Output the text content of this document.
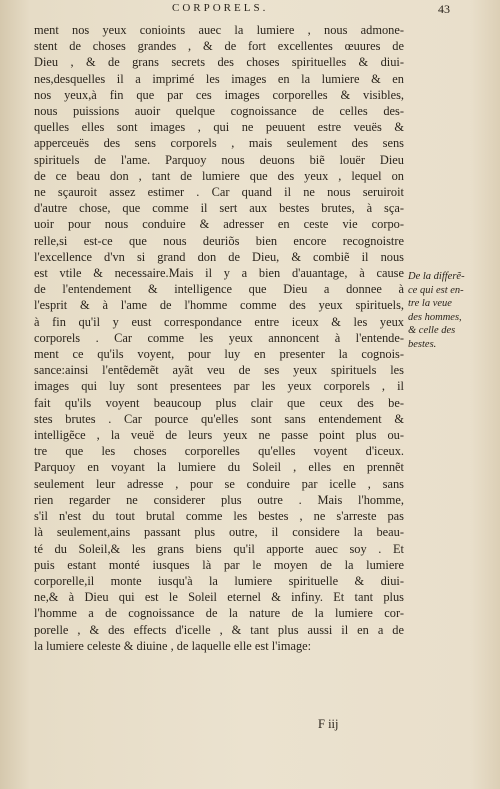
CORPORELS.	43
ment nos yeux conioints auec la lumiere , nous admone-
stent de choses grandes , & de fort excellentes œuures de
Dieu , & de grans secrets des choses spirituelles & diui-
nes,desquelles il a imprimé les images en la lumiere & en
nos yeux,à fin que par ces images corporelles & visibles,
nous puissions auoir quelque cognoissance de celles des-
quelles elles sont images , qui ne peuuent estre veuës &
apperceuës des sens corporels , mais seulement des sens
spirituels de l'ame. Parquoy nous deuons biẽ louër Dieu
de ce beau don , tant de lumiere que des yeux , lequel on
ne sçauroit assez estimer . Car quand il ne nous seruiroit
d'autre chose, que comme il sert aux bestes brutes, à sça-
uoir pour nous conduire & adresser en ceste vie corpo-
relle,si est-ce que nous deuriõs bien encore recognoistre
l'excellence d'vn si grand don de Dieu, & combiẽ il nous
est vtile & necessaire.Mais il y a bien d'auantage, à cause
de l'entendement & intelligence que Dieu a donnee à
l'esprit & à l'ame de l'homme comme des yeux spirituels,
à fin qu'il y eust correspondance entre iceux & les yeux
corporels . Car comme les yeux annoncent à l'entende-
ment ce qu'ils voyent, pour luy en presenter la cognois-
sance:ainsi l'entẽdemẽt ayãt veu de ses yeux spirituels les
images qui luy sont presentees par les yeux corporels , il
fait qu'ils voyent beaucoup plus clair que ceux des be-
stes brutes . Car pource qu'elles sont sans entendement &
intelligẽce , la veuë de leurs yeux ne passe point plus ou-
tre que les choses corporelles qu'elles voyent d'iceux.
Parquoy en voyant la lumiere du Soleil , elles en prennẽt
seulement leur adresse , pour se conduire par icelle , sans
rien regarder ne considerer plus outre . Mais l'homme,
s'il n'est du tout brutal comme les bestes , ne s'arreste pas
là seulement,ains passant plus outre, il considere la beau-
té du Soleil,& les grans biens qu'il apporte auec soy . Et
puis estant monté iusques là par le moyen de la lumiere
corporelle,il monte iusqu'à la lumiere spirituelle & diui-
ne,& à Dieu qui est le Soleil eternel & infiny. Et tant plus
l'homme a de cognoissance de la nature de la lumiere cor-
porelle , & des effects d'icelle , & tant plus aussi il en a de
la lumiere celeste & diuine , de laquelle elle est l'image:
De la differẽ-
ce qui est en-
tre la veue
des hommes,
& celle des
bestes.
F iij
